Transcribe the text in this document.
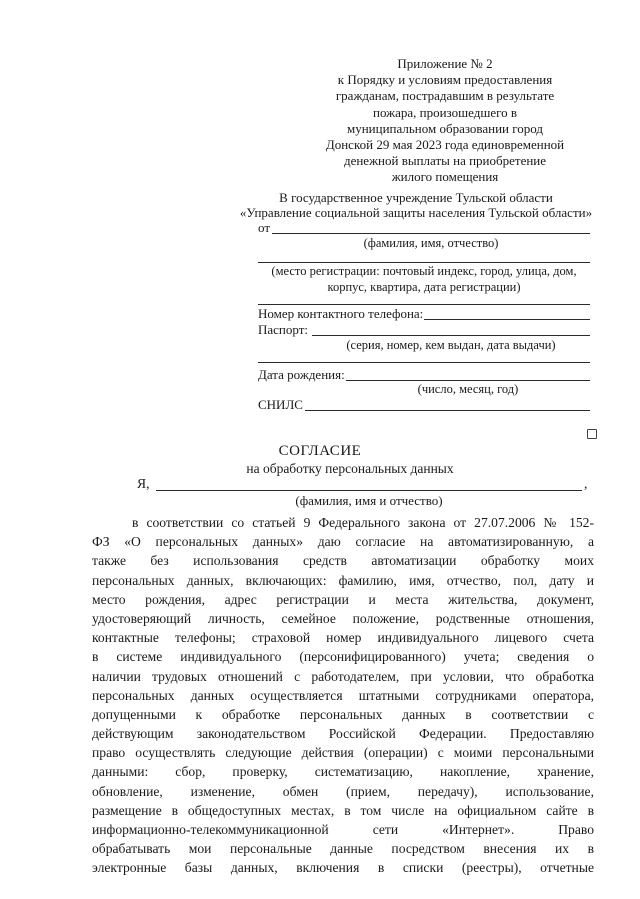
Приложение № 2
к Порядку и условиям предоставления
гражданам, пострадавшим в результате
пожара, произошедшего в
муниципальном образовании город
Донской 29 мая 2023 года единовременной
денежной выплаты на приобретение
жилого помещения
В государственное учреждение Тульской области
«Управление социальной защиты населения Тульской области»
от
(фамилия, имя, отчество)
(место регистрации: почтовый индекс, город, улица, дом,
корпус, квартира, дата регистрации)
Номер контактного телефона:
Паспорт:
(серия, номер, кем выдан, дата выдачи)
Дата рождения:
(число, месяц, год)
СНИЛС
СОГЛАСИЕ
на обработку персональных данных
Я,	,
(фамилия, имя и отчество)
в соответствии со статьей 9 Федерального закона от 27.07.2006 № 152-
ФЗ «О персональных данных» даю согласие на автоматизированную, а
также без использования средств автоматизации обработку моих
персональных данных, включающих: фамилию, имя, отчество, пол, дату и
место рождения, адрес регистрации и места жительства, документ,
удостоверяющий личность, семейное положение, родственные отношения,
контактные телефоны; страховой номер индивидуального лицевого счета
в системе индивидуального (персонифицированного) учета; сведения о
наличии трудовых отношений с работодателем, при условии, что обработка
персональных данных осуществляется штатными сотрудниками оператора,
допущенными к обработке персональных данных в соответствии с
действующим законодательством Российской Федерации. Предоставляю
право осуществлять следующие действия (операции) с моими персональными
данными: сбор, проверку, систематизацию, накопление, хранение,
обновление, изменение, обмен (прием, передачу), использование,
размещение в общедоступных местах, в том числе на официальном сайте в
информационно-телекоммуникационной сети «Интернет». Право
обрабатывать мои персональные данные посредством внесения их в
электронные базы данных, включения в списки (реестры), отчетные
